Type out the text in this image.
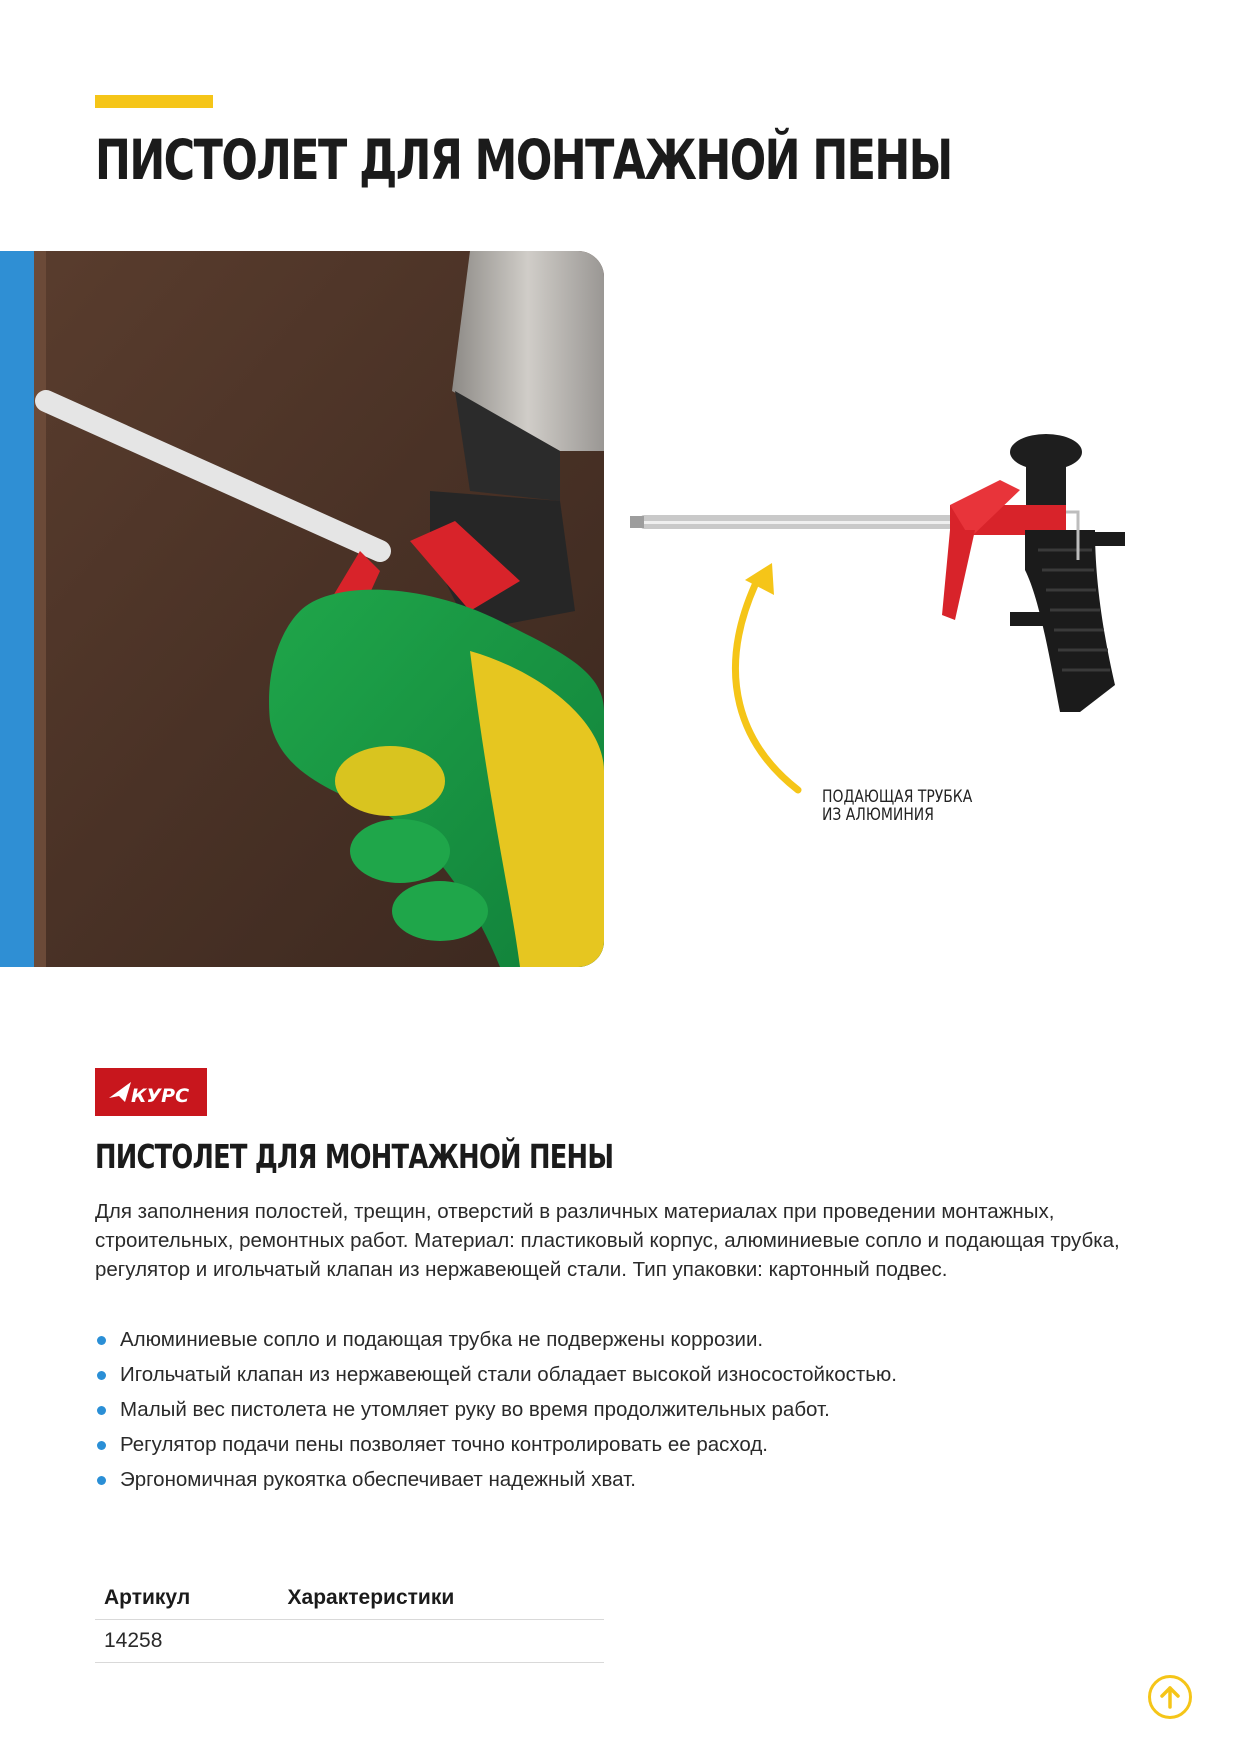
ПИСТОЛЕТ ДЛЯ МОНТАЖНОЙ ПЕНЫ
ПОДАЮЩАЯ ТРУБКА
ИЗ АЛЮМИНИЯ
КУРС
ПИСТОЛЕТ ДЛЯ МОНТАЖНОЙ ПЕНЫ

Для заполнения полостей, трещин, отверстий в различных материалах при проведении монтажных, строительных, ремонтных работ. Материал: пластиковый корпус, алюминиевые сопло и подающая трубка, регулятор и игольчатый клапан из нержавеющей стали. Тип упаковки: картонный подвес.

Алюминиевые сопло и подающая трубка не подвержены коррозии.
Игольчатый клапан из нержавеющей стали обладает высокой износостойкостью.
Малый вес пистолета не утомляет руку во время продолжительных работ.
Регулятор подачи пены позволяет точно контролировать ее расход.
Эргономичная рукоятка обеспечивает надежный хват.
Артикул	Характеристики
14258	
